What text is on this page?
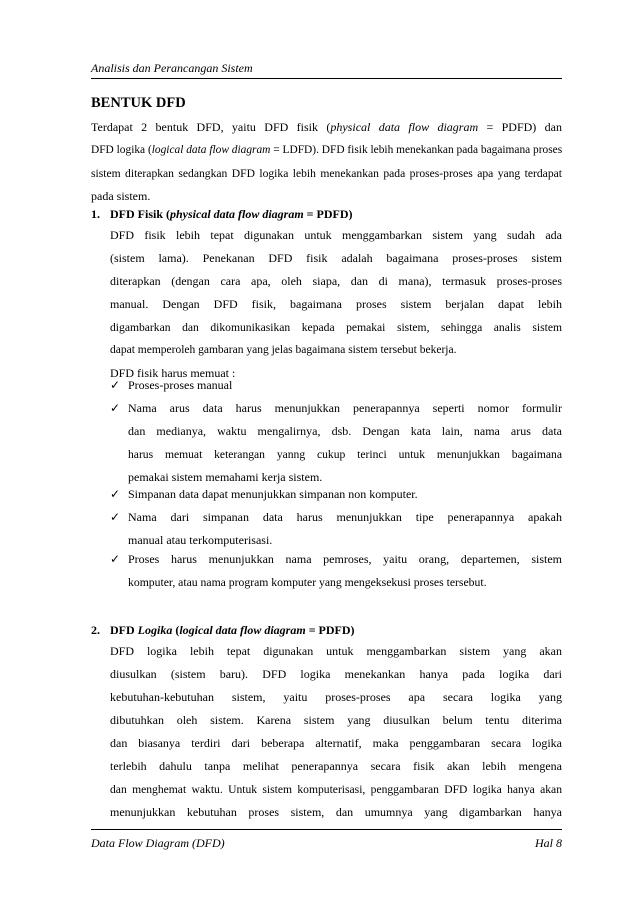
Analisis dan Perancangan Sistem
BENTUK DFD
Terdapat 2 bentuk DFD, yaitu DFD fisik (physical data flow diagram = PDFD) dan
DFD logika (logical data flow diagram = LDFD). DFD fisik lebih menekankan pada bagaimana proses
sistem diterapkan sedangkan DFD logika lebih menekankan pada proses-proses apa yang terdapat
pada sistem.
1. DFD Fisik (physical data flow diagram = PDFD)
DFD fisik lebih tepat digunakan untuk menggambarkan sistem yang sudah ada
(sistem lama). Penekanan DFD fisik adalah bagaimana proses-proses sistem
diterapkan (dengan cara apa, oleh siapa, dan di mana), termasuk proses-proses
manual. Dengan DFD fisik, bagaimana proses sistem berjalan dapat lebih
digambarkan dan dikomunikasikan kepada pemakai sistem, sehingga analis sistem
dapat memperoleh gambaran yang jelas bagaimana sistem tersebut bekerja.
DFD fisik harus memuat :
✓ Proses-proses manual
✓ Nama arus data harus menunjukkan penerapannya seperti nomor formulir
dan medianya, waktu mengalirnya, dsb. Dengan kata lain, nama arus data
harus memuat keterangan yanng cukup terinci untuk menunjukkan bagaimana
pemakai sistem memahami kerja sistem.
✓ Simpanan data dapat menunjukkan simpanan non komputer.
✓ Nama dari simpanan data harus menunjukkan tipe penerapannya apakah
manual atau terkomputerisasi.
✓ Proses harus menunjukkan nama pemroses, yaitu orang, departemen, sistem
komputer, atau nama program komputer yang mengeksekusi proses tersebut.
2. DFD Logika (logical data flow diagram = PDFD)
DFD logika lebih tepat digunakan untuk menggambarkan sistem yang akan
diusulkan (sistem baru). DFD logika menekankan hanya pada logika dari
kebutuhan-kebutuhan sistem, yaitu proses-proses apa secara logika yang
dibutuhkan oleh sistem. Karena sistem yang diusulkan belum tentu diterima
dan biasanya terdiri dari beberapa alternatif, maka penggambaran secara logika
terlebih dahulu tanpa melihat penerapannya secara fisik akan lebih mengena
dan menghemat waktu. Untuk sistem komputerisasi, penggambaran DFD logika hanya akan
menunjukkan kebutuhan proses sistem, dan umumnya yang digambarkan hanya
Data Flow Diagram (DFD)	Hal 8
